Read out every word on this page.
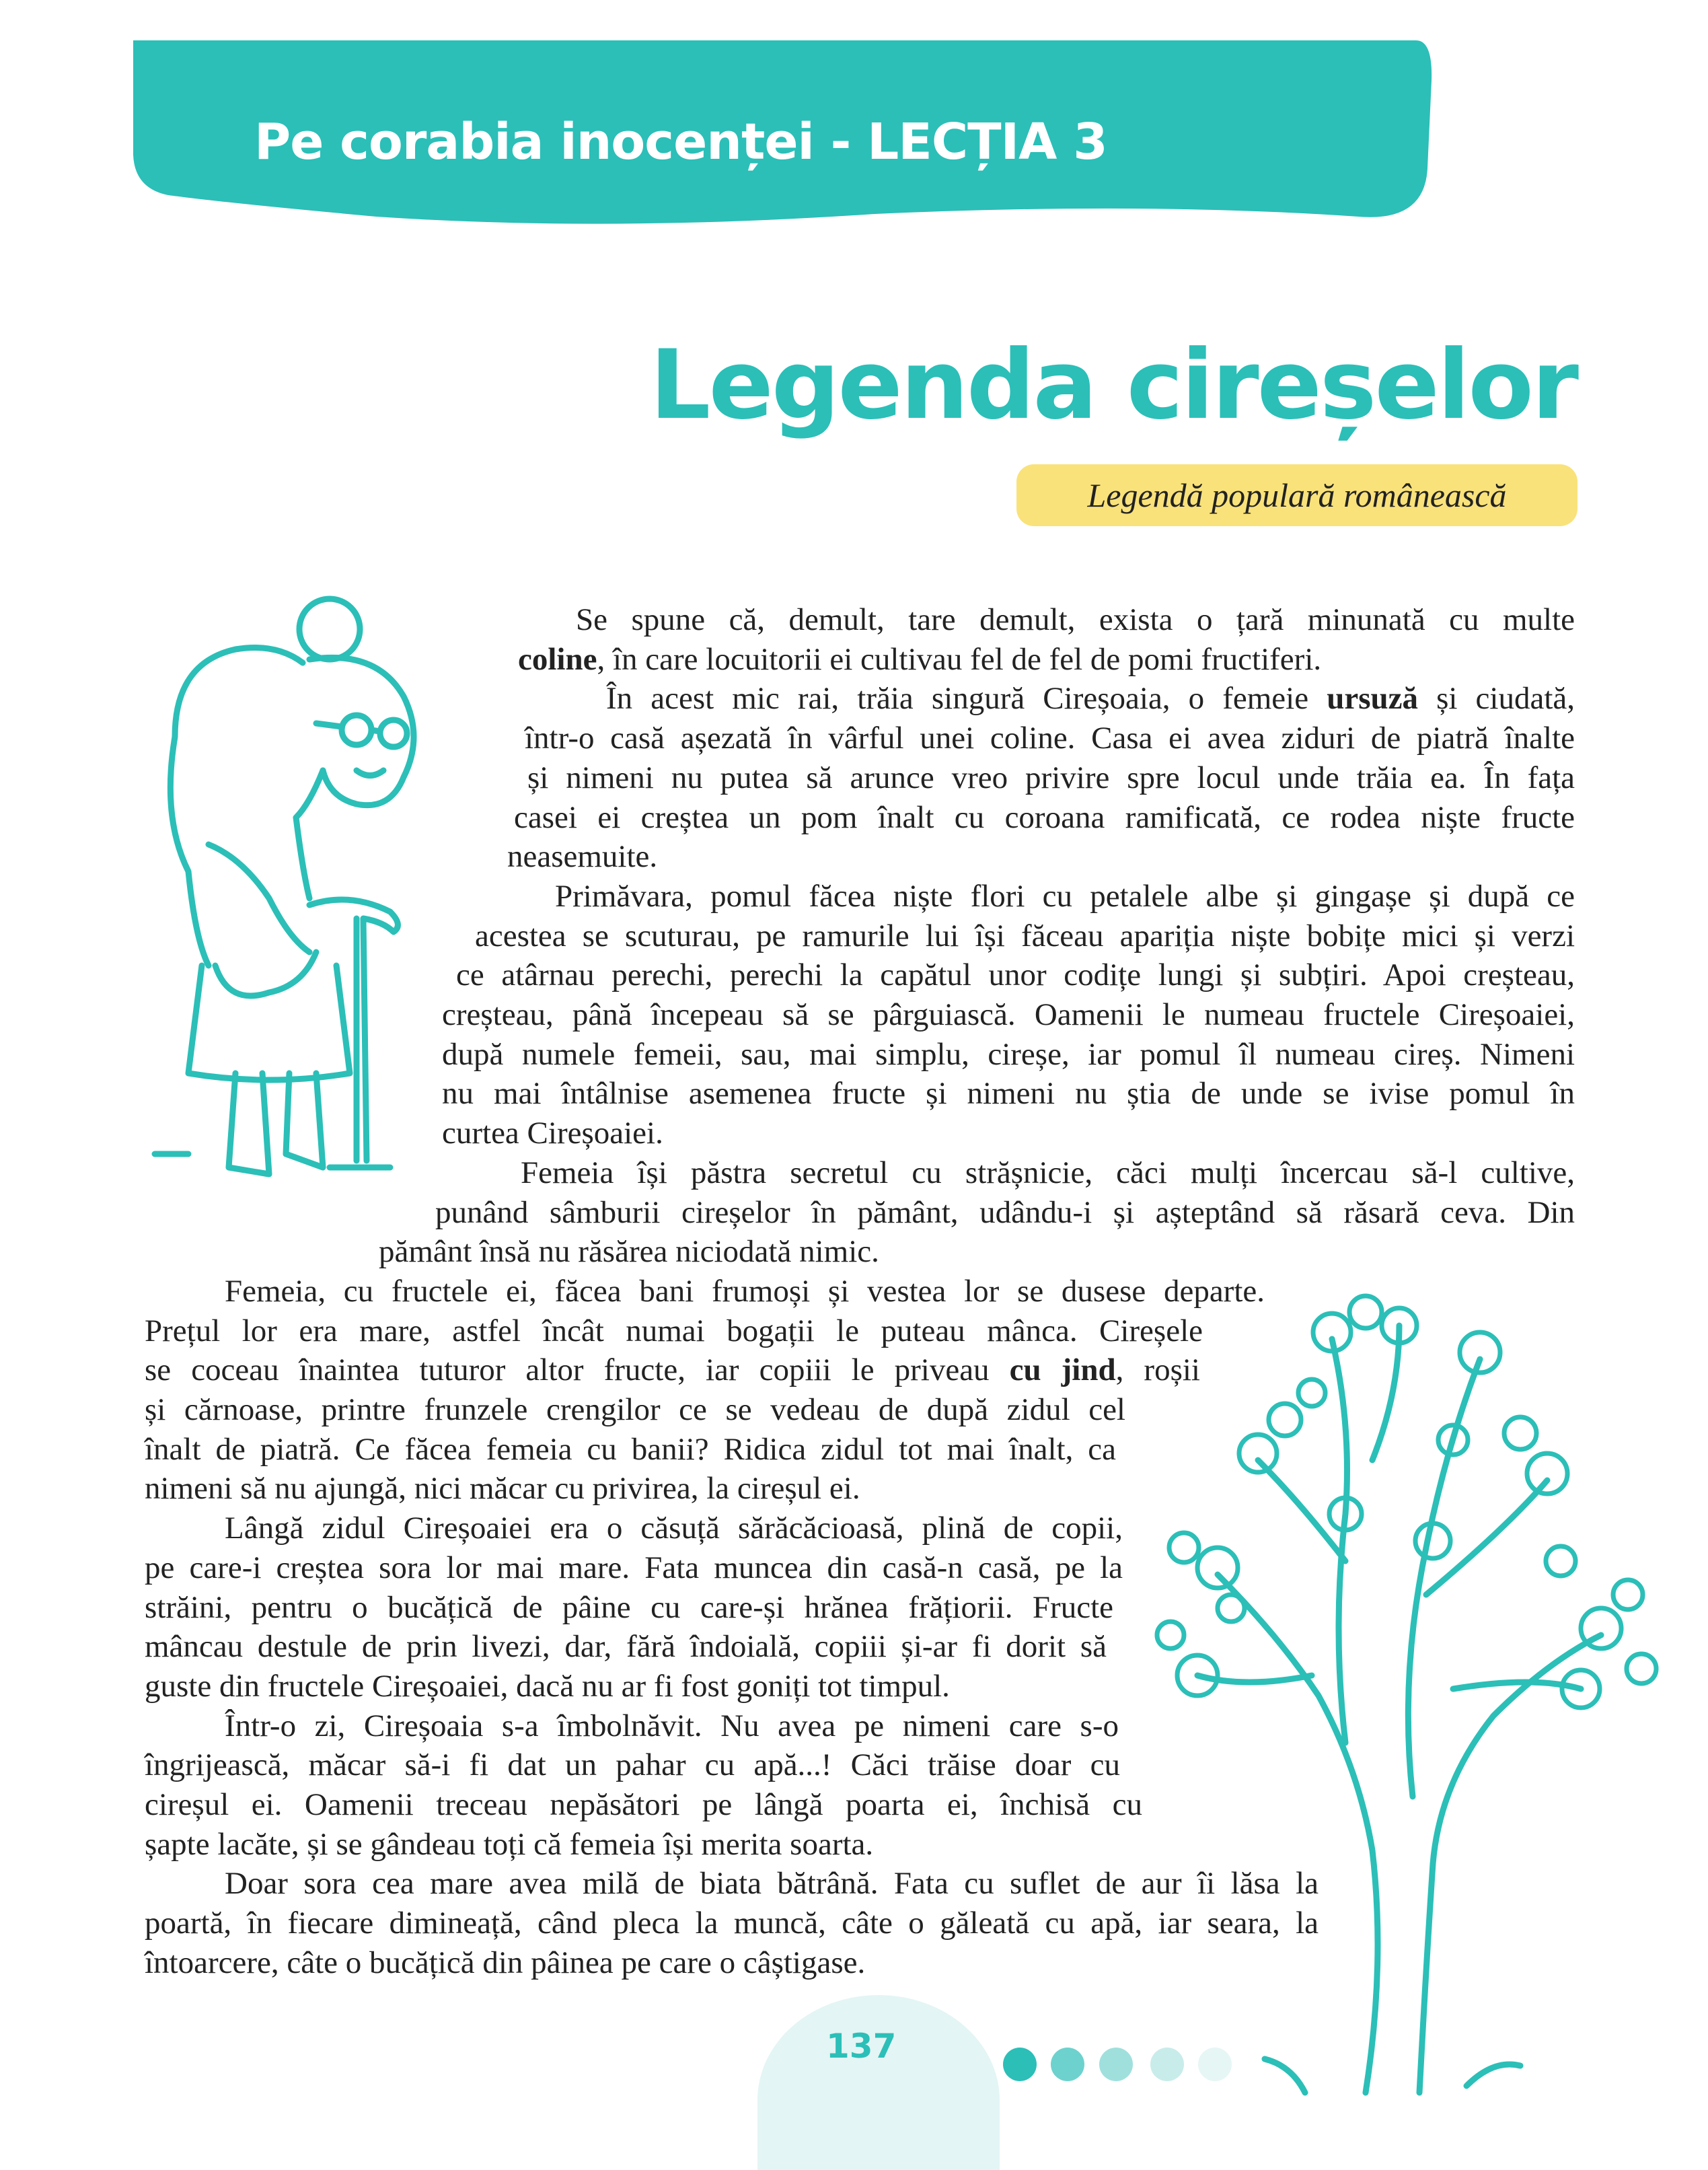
Pe corabia inocenței - LECȚIA 3
Legenda cireșelor
Legendă populară românească
Se spune că, demult, tare demult, exista o țară minunată cu multe
coline, în care locuitorii ei cultivau fel de fel de pomi fructiferi.
În acest mic rai, trăia singură Cireșoaia, o femeie ursuză și ciudată,
într-o casă așezată în vârful unei coline. Casa ei avea ziduri de piatră înalte
și nimeni nu putea să arunce vreo privire spre locul unde trăia ea. În fața
casei ei creștea un pom înalt cu coroana ramificată, ce rodea niște fructe
neasemuite.
Primăvara, pomul făcea niște flori cu petalele albe și gingașe și după ce
acestea se scuturau, pe ramurile lui își făceau apariția niște bobițe mici și verzi
ce atârnau perechi, perechi la capătul unor codițe lungi și subțiri. Apoi creșteau,
creșteau, până începeau să se pârguiască. Oamenii le numeau fructele Cireșoaiei,
după numele femeii, sau, mai simplu, cireșe, iar pomul îl numeau cireș. Nimeni
nu mai întâlnise asemenea fructe și nimeni nu știa de unde se ivise pomul în
curtea Cireșoaiei.
Femeia își păstra secretul cu strășnicie, căci mulți încercau să-l cultive,
punând sâmburii cireșelor în pământ, udându-i și așteptând să răsară ceva. Din
pământ însă nu răsărea niciodată nimic.
Femeia, cu fructele ei, făcea bani frumoși și vestea lor se dusese departe.
Prețul lor era mare, astfel încât numai bogații le puteau mânca. Cireșele
se coceau înaintea tuturor altor fructe, iar copiii le priveau cu jind, roșii
și cărnoase, printre frunzele crengilor ce se vedeau de după zidul cel
înalt de piatră. Ce făcea femeia cu banii? Ridica zidul tot mai înalt, ca
nimeni să nu ajungă, nici măcar cu privirea, la cireșul ei.
Lângă zidul Cireșoaiei era o căsuță sărăcăcioasă, plină de copii,
pe care-i creștea sora lor mai mare. Fata muncea din casă-n casă, pe la
străini, pentru o bucățică de pâine cu care-și hrănea frățiorii. Fructe
mâncau destule de prin livezi, dar, fără îndoială, copiii și-ar fi dorit să
guste din fructele Cireșoaiei, dacă nu ar fi fost goniți tot timpul.
Într-o zi, Cireșoaia s-a îmbolnăvit. Nu avea pe nimeni care s-o
îngrijească, măcar să-i fi dat un pahar cu apă...! Căci trăise doar cu
cireșul ei. Oamenii treceau nepăsători pe lângă poarta ei, închisă cu
șapte lacăte, și se gândeau toți că femeia își merita soarta.
Doar sora cea mare avea milă de biata bătrână. Fata cu suflet de aur îi lăsa la
poartă, în fiecare dimineață, când pleca la muncă, câte o găleată cu apă, iar seara, la
întoarcere, câte o bucățică din pâinea pe care o câștigase.
137
